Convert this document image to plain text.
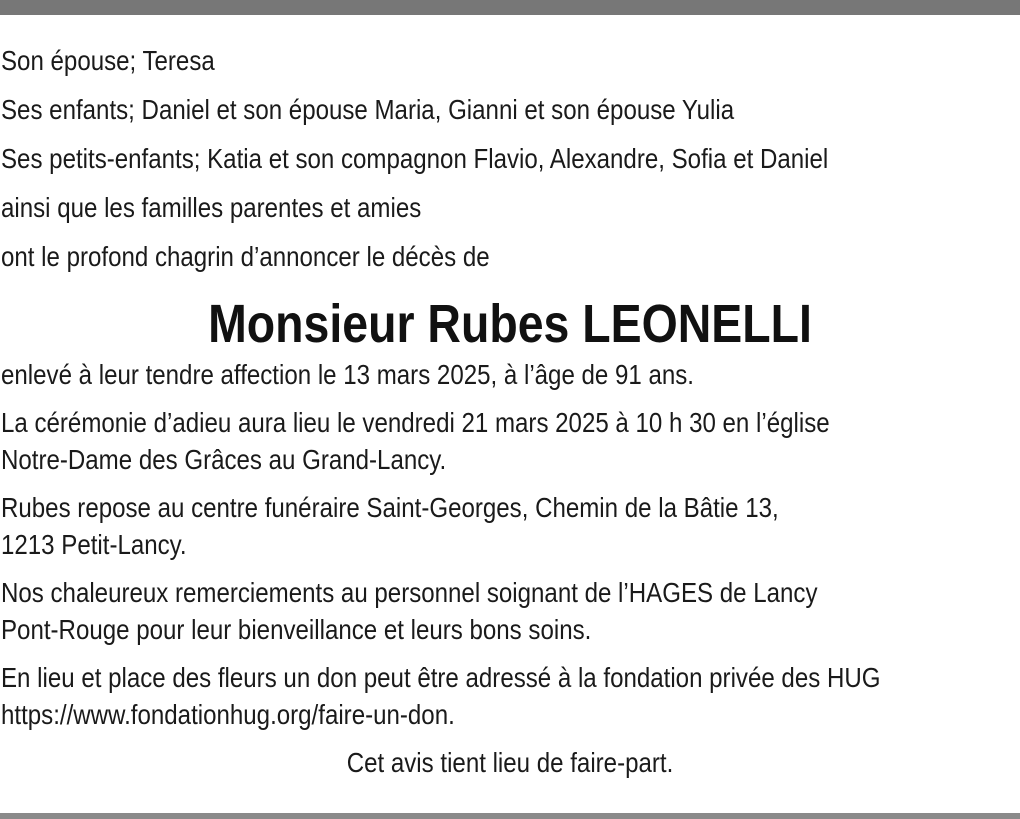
Son épouse; Teresa
Ses enfants; Daniel et son épouse Maria, Gianni et son épouse Yulia
Ses petits-enfants; Katia et son compagnon Flavio, Alexandre, Sofia et Daniel
ainsi que les familles parentes et amies
ont le profond chagrin d’annoncer le décès de
Monsieur Rubes LEONELLI
enlevé à leur tendre affection le 13 mars 2025, à l’âge de 91 ans.
La cérémonie d’adieu aura lieu le vendredi 21 mars 2025 à 10 h 30 en l’église
Notre-Dame des Grâces au Grand-Lancy.
Rubes repose au centre funéraire Saint-Georges, Chemin de la Bâtie 13,
1213 Petit-Lancy.
Nos chaleureux remerciements au personnel soignant de l’HAGES de Lancy
Pont-Rouge pour leur bienveillance et leurs bons soins.
En lieu et place des fleurs un don peut être adressé à la fondation privée des HUG
https://www.fondationhug.org/faire-un-don.
Cet avis tient lieu de faire-part.
